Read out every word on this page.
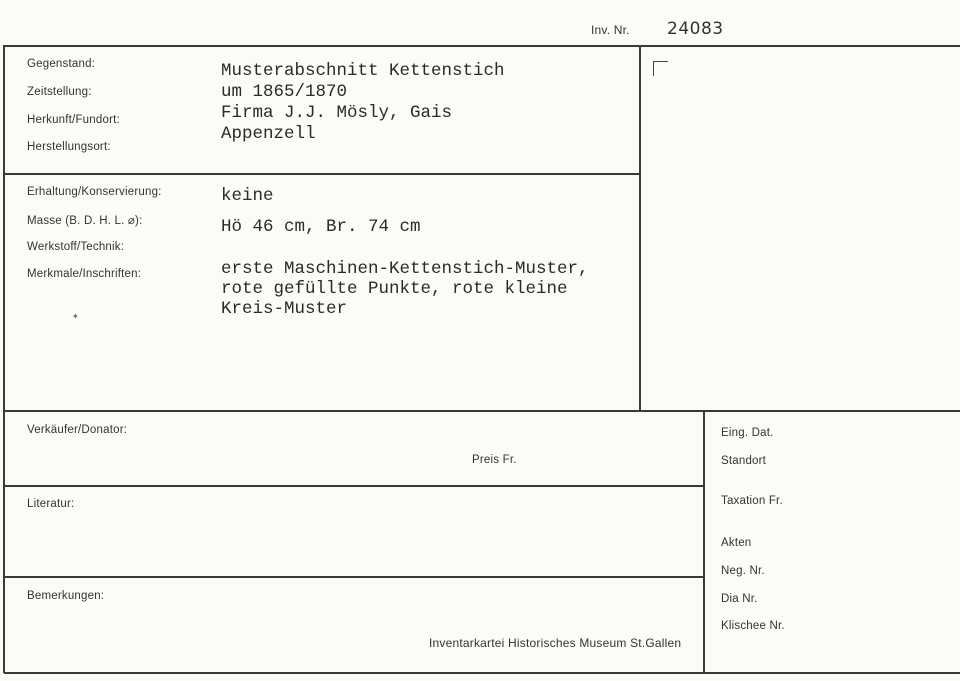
✦
Inv. Nr. 24083
Gegenstand:
Zeitstellung:
Herkunft/Fundort:
Herstellungsort:
Musterabschnitt Kettenstich
um 1865/1870
Firma J.J. Mösly, Gais
Appenzell
Erhaltung/Konservierung:
Masse (B. D. H. L. ⌀):
Werkstoff/Technik:
Merkmale/Inschriften:
keine
Hö 46 cm, Br. 74 cm
erste Maschinen-Kettenstich-Muster,
rote gefüllte Punkte, rote kleine
Kreis-Muster
Verkäufer/Donator:
Preis Fr.
Literatur:
Bemerkungen:
Inventarkartei Historisches Museum St.Gallen
Eing. Dat.
Standort
Taxation Fr.
Akten
Neg. Nr.
Dia Nr.
Klischee Nr.
